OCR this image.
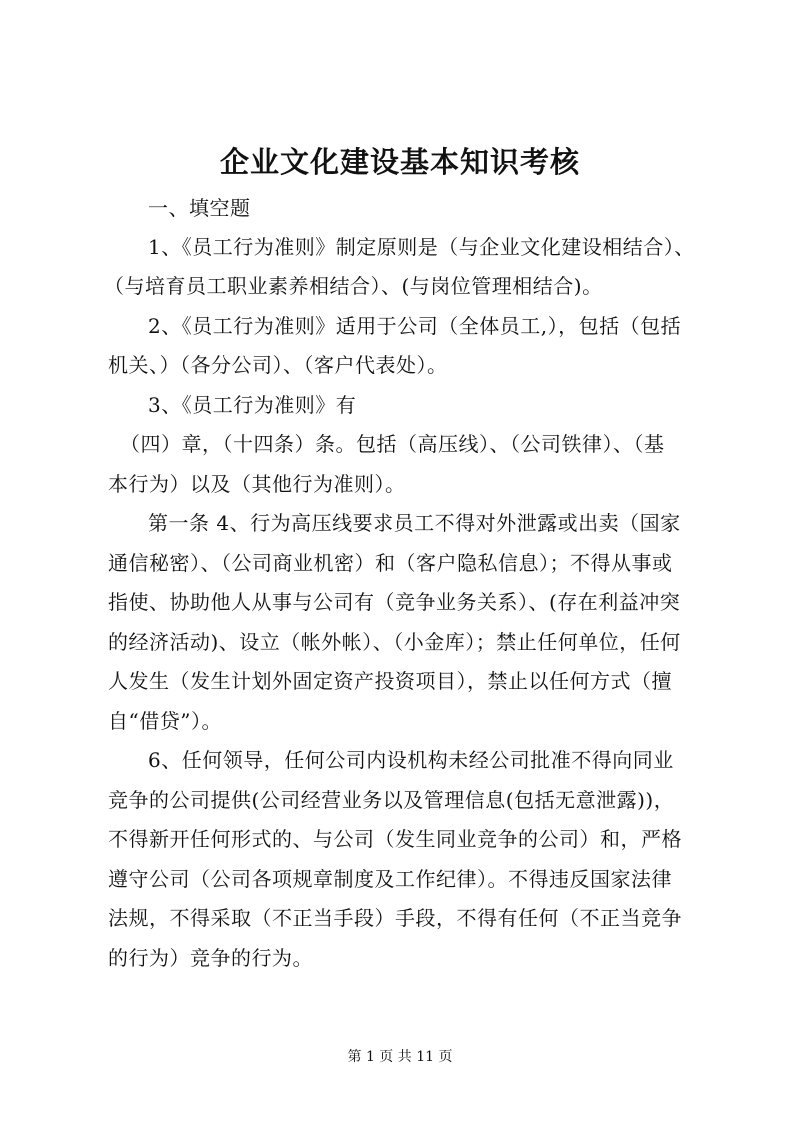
企业文化建设基本知识考核
一、填空题
1、《员工行为准则》制定原则是（与企业文化建设相结合）、
（与培育员工职业素养相结合）、(与岗位管理相结合)。
2、《员工行为准则》适用于公司（全体员工,），包括（包括
机关、）（各分公司）、（客户代表处）。
3、《员工行为准则》有
（四）章，（十四条）条。包括（高压线）、（公司铁律）、（基
本行为）以及（其他行为准则）。
第一条 4、行为高压线要求员工不得对外泄露或出卖（国家
通信秘密）、（公司商业机密）和（客户隐私信息）；不得从事或
指使、协助他人从事与公司有（竞争业务关系）、(存在利益冲突
的经济活动)、设立（帐外帐）、（小金库）；禁止任何单位，任何
人发生（发生计划外固定资产投资项目），禁止以任何方式（擅
自“借贷”）。
6、任何领导，任何公司内设机构未经公司批准不得向同业
竞争的公司提供(公司经营业务以及管理信息(包括无意泄露))，
不得新开任何形式的、与公司（发生同业竞争的公司）和，严格
遵守公司（公司各项规章制度及工作纪律）。不得违反国家法律
法规，不得采取（不正当手段）手段，不得有任何（不正当竞争
的行为）竞争的行为。
第 1 页 共 11 页
